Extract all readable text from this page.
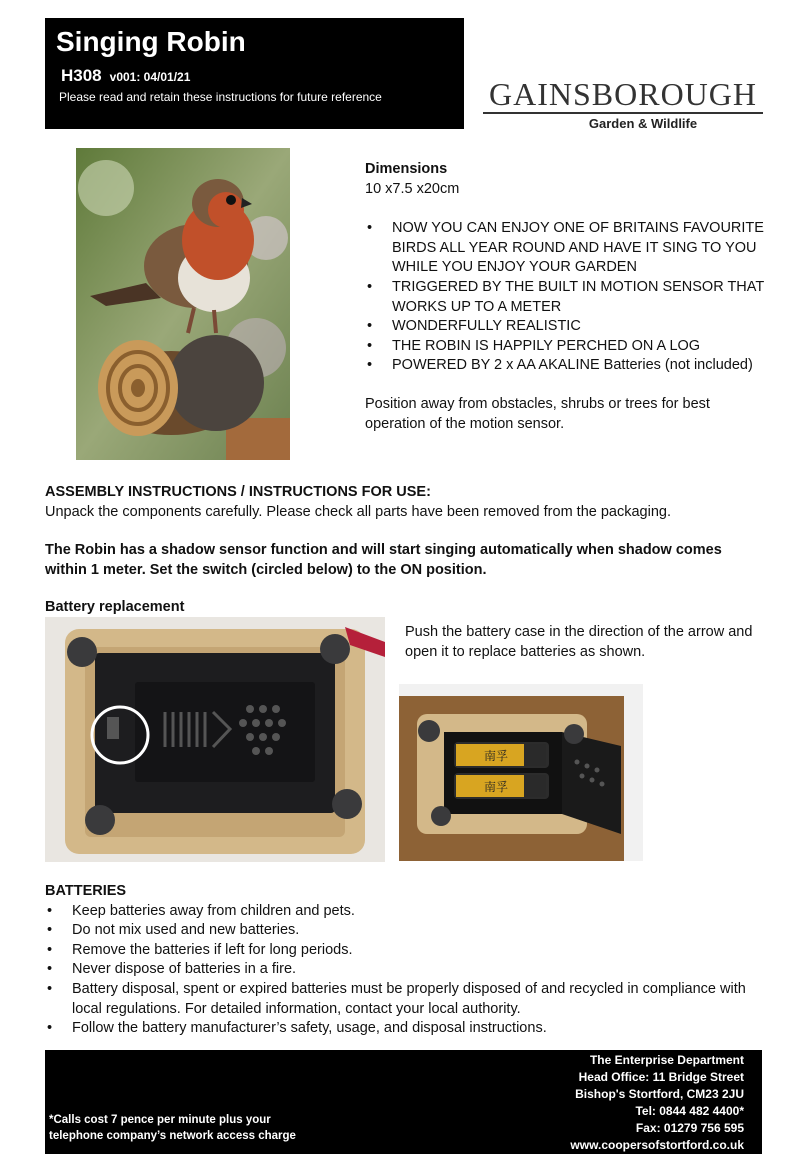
Singing Robin
H308 v001: 04/01/21
Please read and retain these instructions for future reference	GAINSBOROUGH
Garden & Wildlife
Dimensions
10 x7.5 x20cm
• NOW YOU CAN ENJOY ONE OF BRITAINS FAVOURITE BIRDS ALL YEAR ROUND AND HAVE IT SING TO YOU WHILE YOU ENJOY YOUR GARDEN
• TRIGGERED BY THE BUILT IN MOTION SENSOR THAT WORKS UP TO A METER
• WONDERFULLY REALISTIC
• THE ROBIN IS HAPPILY PERCHED ON A LOG
• POWERED BY 2 x AA AKALINE Batteries (not included)
Position away from obstacles, shrubs or trees for best operation of the motion sensor.
ASSEMBLY INSTRUCTIONS / INSTRUCTIONS FOR USE:
Unpack the components carefully. Please check all parts have been removed from the packaging.
The Robin has a shadow sensor function and will start singing automatically when shadow comes within 1 meter. Set the switch (circled below) to the ON position.
Battery replacement
Push the battery case in the direction of the arrow and open it to replace batteries as shown.
南孚
南孚
BATTERIES
• Keep batteries away from children and pets.
• Do not mix used and new batteries.
• Remove the batteries if left for long periods.
• Never dispose of batteries in a fire.
• Battery disposal, spent or expired batteries must be properly disposed of and recycled in compliance with local regulations. For detailed information, contact your local authority.
• Follow the battery manufacturer’s safety, usage, and disposal instructions.
The Enterprise Department
Head Office: 11 Bridge Street
Bishop's Stortford, CM23 2JU
Tel: 0844 482 4400*
Fax: 01279 756 595
www.coopersofstortford.co.uk
*Calls cost 7 pence per minute plus your
telephone company’s network access charge
